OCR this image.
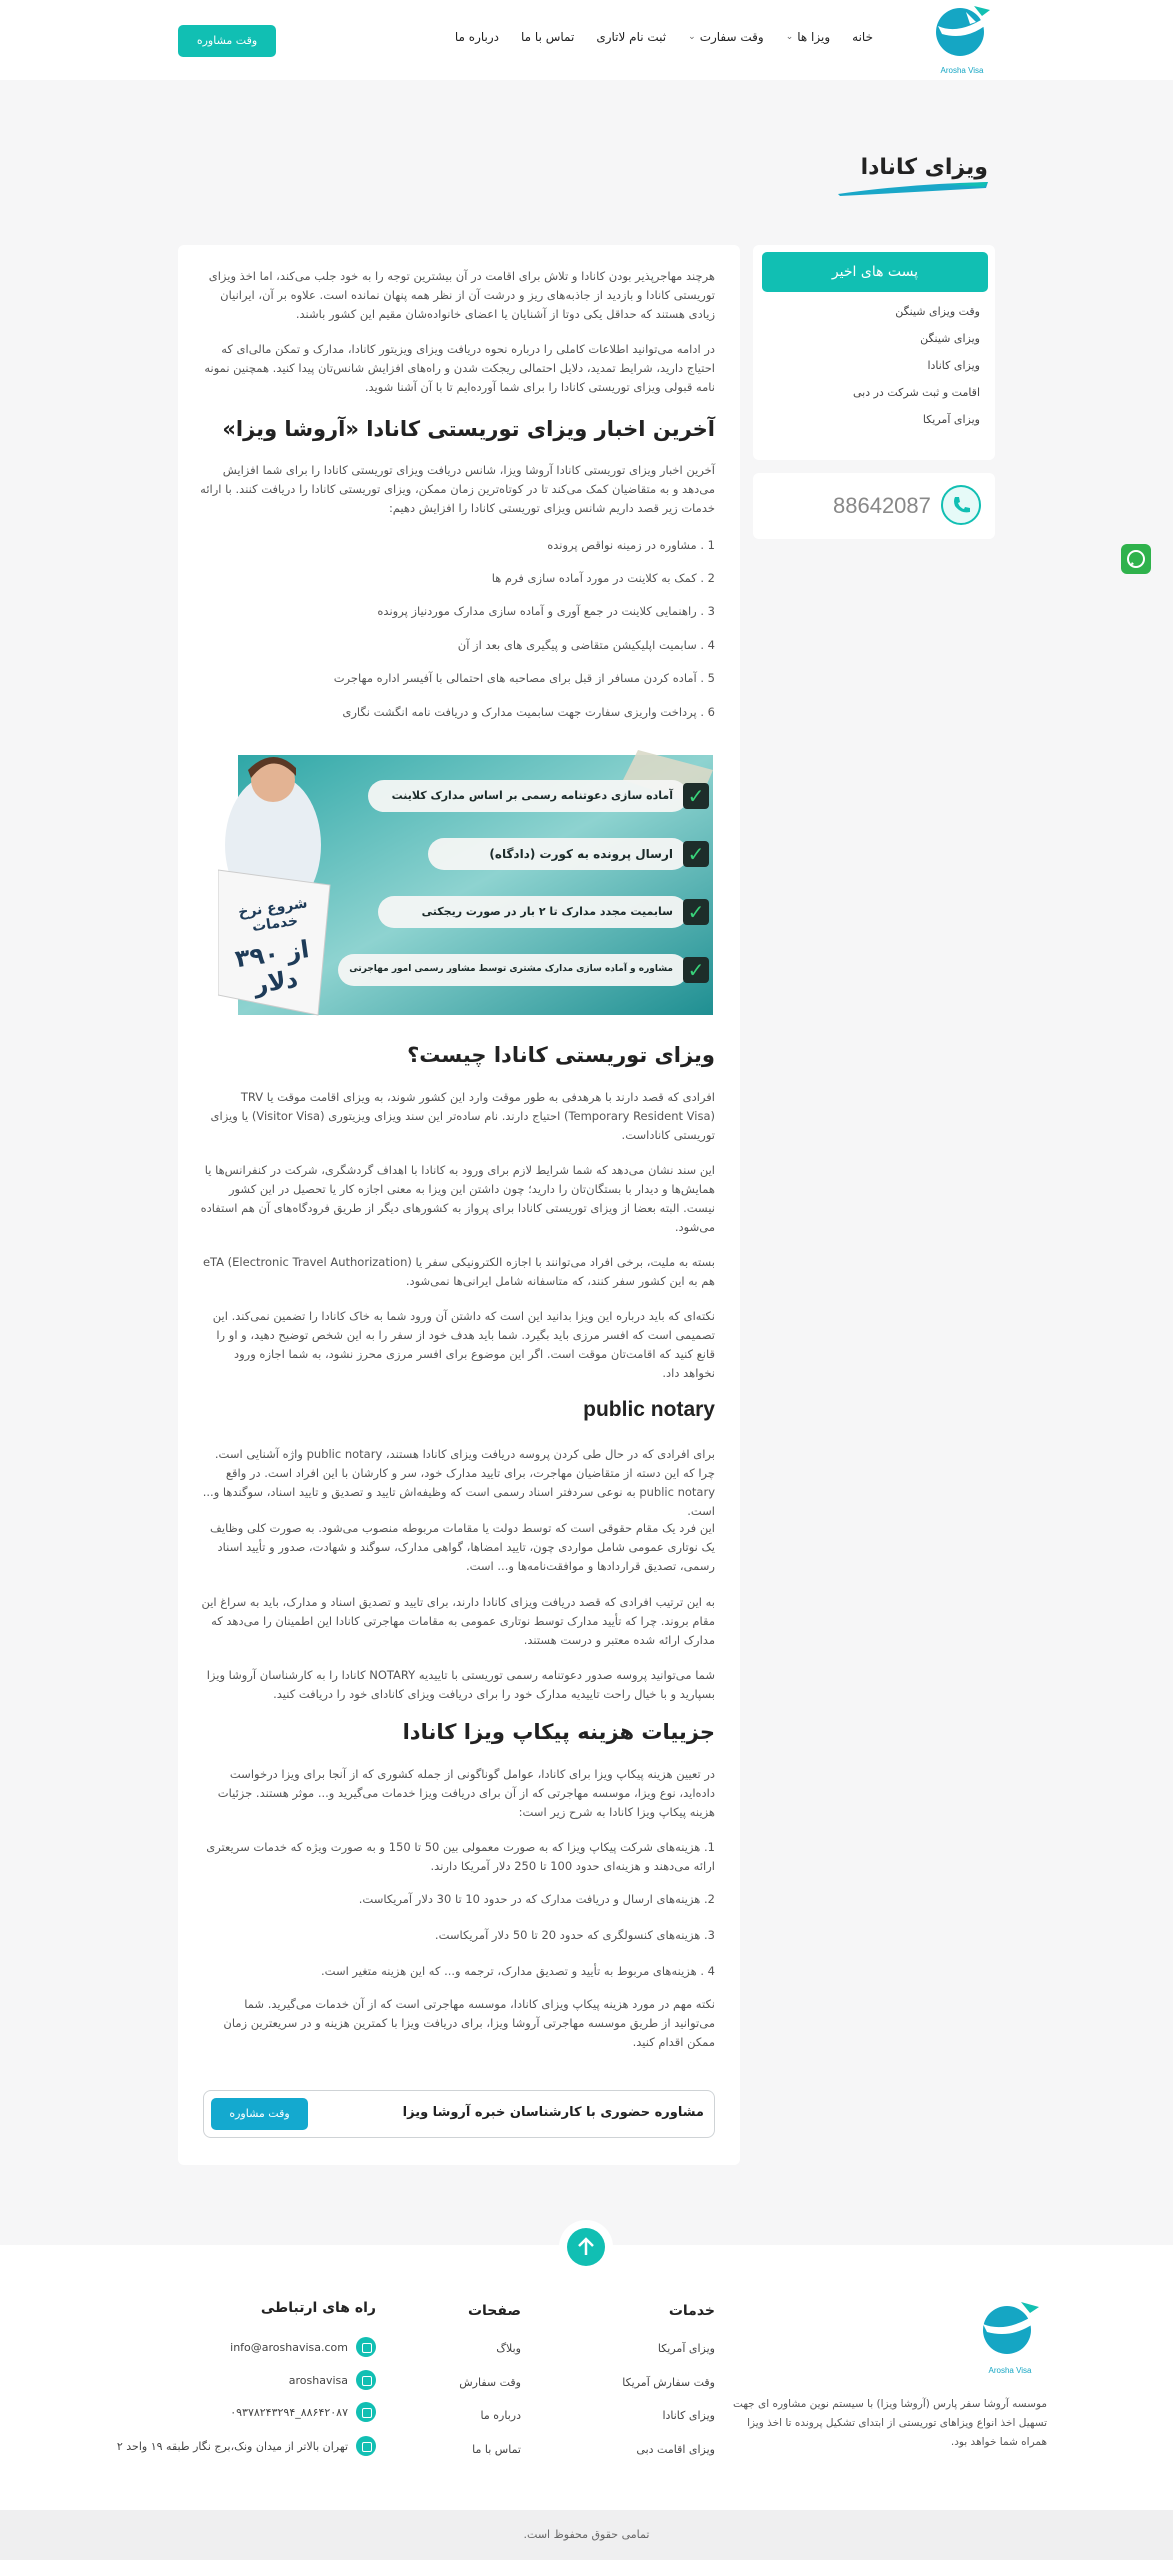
Arosha Visa
خانه
ویزا ها
⌄
وقت سفارت
⌄
ثبت نام لاتاری
تماس با ما
درباره ما
وقت مشاوره
ویزای کانادا

هرچند مهاجرپذیر بودن کانادا و تلاش برای اقامت در آن بیشترین توجه را به خود جلب می‌کند، اما اخذ ویزای توریستی کانادا و بازدید از جاذبه‌های ریز و درشت آن از نظر همه پنهان نمانده است. علاوه بر آن، ایرانیان زیادی هستند که حداقل یکی دوتا از آشنایان یا اعضای خانواده‌شان مقیم این کشور باشند.

در ادامه می‌توانید اطلاعات کاملی را درباره نحوه دریافت ویزای ویزیتور کانادا، مدارک و تمکن مالی‌ای که احتیاج دارید، شرایط تمدید، دلایل احتمالی ریجکت شدن و راه‌های افزایش شانس‌تان پیدا کنید. همچنین نمونه نامه قبولی ویزای توریستی کانادا را برای شما آورده‌ایم تا با آن آشنا شوید.

آخرین اخبار ویزای توریستی کانادا «آروشا ویزا»

آخرین اخبار ویزای توریستی کانادا آروشا ویزا، شانس دریافت ویزای توریستی کانادا را برای شما افزایش می‌دهد و به متقاضیان کمک می‌کند تا در کوتاه‌ترین زمان ممکن، ویزای توریستی کانادا را دریافت کنند. با ارائه خدمات زیر قصد داریم شانس ویزای توریستی کانادا را افزایش دهیم:

1 . مشاوره در زمینه نواقص پرونده
2 . کمک به کلاینت در مورد آماده سازی فرم ها
3 . راهنمایی کلاینت در جمع آوری و آماده سازی مدارک موردنیاز پرونده
4 . سابمیت اپلیکیشن متقاضی و پیگیری های بعد از آن
5 . آماده کردن مسافر از قبل برای مصاحبه های احتمالی با آفیسر اداره مهاجرت
6 . پرداخت واریزی سفارت جهت سابمیت مدارک و دریافت نامه انگشت نگاری
✓
✓
✓
✓
آماده سازی دعوتنامه رسمی بر اساس مدارک کلاینت
ارسال پرونده به کورت (دادگاه)
سابمیت مجدد مدارک تا ۲ بار در صورت ریجکتی
مشاوره و آماده سازی مدارک مشتری توسط مشاور رسمی امور مهاجرتی
شروع نرخ خدمات
از ۳۹۰ دلار
ویزای توریستی کانادا چیست؟

افرادی که قصد دارند با هرهدفی به طور موقت وارد این کشور شوند، به ویزای اقامت موقت یا TRV (Temporary Resident Visa) احتیاج دارند. نام سادەتر این سند ویزای ویزیتوری (Visitor Visa) یا ویزای توریستی کاناداست.

این سند نشان می‌دهد که شما شرایط لازم برای ورود به کانادا با اهداف گردشگری، شرکت در کنفرانس‌ها یا همایش‌ها و دیدار با بستگان‌تان را دارید؛ چون داشتن این ویزا به معنی اجازه کار یا تحصیل در این کشور نیست. البته بعضا از ویزای توریستی کانادا برای پرواز به کشورهای دیگر از طریق فرودگاه‌های آن هم استفاده می‌شود.

بسته به ملیت، برخی افراد می‌توانند با اجازه الکترونیکی سفر یا eTA (Electronic Travel Authorization) هم به این کشور سفر کنند، که متاسفانه شامل ایرانی‌ها نمی‌شود.

نکته‌ای که باید درباره این ویزا بدانید این است که داشتن آن ورود شما به خاک کانادا را تضمین نمی‌کند. این تصمیمی است که افسر مرزی باید بگیرد. شما باید هدف خود از سفر را به این شخص توضیح دهید، و او را قانع کنید که اقامت‌تان موقت است. اگر این موضوع برای افسر مرزی محرز نشود، به شما اجازه ورود نخواهد داد.

public notary

برای افرادی که در حال طی کردن پروسه دریافت ویزای کانادا هستند، public notary واژه آشنایی است. چرا که این دسته از متقاضیان مهاجرت، برای تایید مدارک خود، سر و کارشان با این افراد است. در واقع public notary به نوعی سردفتر اسناد رسمی است که وظیفه‌اش تایید و تصدیق و تایید اسناد، سوگندها و... است.

این فرد یک مقام حقوقی است که توسط دولت یا مقامات مربوطه منصوب می‌شود. به صورت کلی وظایف یک نوتاری عمومی شامل مواردی چون، تایید امضاها، گواهی مدارک، سوگند و شهادت، صدور و تأیید اسناد رسمی، تصدیق قراردادها و موافقت‌نامه‌ها و... است.

به این ترتیب افرادی که قصد دریافت ویزای کانادا دارند، برای تایید و تصدیق اسناد و مدارک، باید به سراغ این مقام بروند. چرا که تأیید مدارک توسط نوتاری عمومی به مقامات مهاجرتی کانادا این اطمینان را می‌دهد که مدارک ارائه شده معتبر و درست هستند.

شما می‌توانید پروسه صدور دعوتنامه رسمی توریستی با تاییدیه NOTARY کانادا را به کارشناسان آروشا ویزا بسپارید و با خیال راحت تاییدیه مدارک خود را برای دریافت ویزای کانادای خود را دریافت کنید.

جزییات هزینه پیکاپ ویزا کانادا

در تعیین هزینه پیکاپ ویزا برای کانادا، عوامل گوناگونی از جمله کشوری که از آنجا برای ویزا درخواست داده‌اید، نوع ویزا، موسسه مهاجرتی که از آن برای دریافت ویزا خدمات می‌گیرید و... موثر هستند. جزئیات هزینه پیکاپ ویزا کانادا به شرح زیر است:

1. هزینه‌های شرکت پیکاپ ویزا که به صورت معمولی بین 50 تا 150 و به صورت ویژه که خدمات سریعتری ارائه می‌دهند و هزینه‌ای حدود 100 تا 250 دلار آمریکا دارند.

2. هزینه‌های ارسال و دریافت مدارک که در حدود 10 تا 30 دلار آمریکاست.
3. هزینه‌های کنسولگری که حدود 20 تا 50 دلار آمریکاست.
4 . هزینه‌های مربوط به تأیید و تصدیق مدارک، ترجمه و... که این هزینه متغیر است.

نکته مهم در مورد هزینه پیکاپ ویزای کانادا، موسسه مهاجرتی است که از آن خدمات می‌گیرید. شما می‌توانید از طریق موسسه مهاجرتی آروشا ویزا، برای دریافت ویزا با کمترین هزینه و در سریعترین زمان ممکن اقدام کنید.

مشاوره حضوری با کارشناسان خبره آروشا ویزا
وقت مشاوره
پست های اخیر
وقت ویزای شینگن
ویزای شینگن
ویزای کانادا
اقامت و ثبت شرکت در دبی
ویزای آمریکا
88642087
Arosha Visa

موسسه آروشا سفر پارس (آروشا ویزا) با سیستم نوین مشاوره ای جهت تسهیل اخذ انواع ویزاهای توریستی از ابتدای تشکیل پرونده تا اخذ ویزا همراه شما خواهد بود.

خدمات
ویزای آمریکا
وقت سفارش آمریکا
ویزای کانادا
ویزای اقامت دبی
صفحات
وبلاگ
وقت سفارش
درباره ما
تماس با ما
راه های ارتباطی
info@aroshavisa.com
aroshavisa
۸۸۶۴۲۰۸۷_۰۹۳۷۸۲۴۳۲۹۴
تهران بالاتر از میدان ونک،برج نگار طبقه ۱۹ واحد ۲
تمامی حقوق محفوظ است.
